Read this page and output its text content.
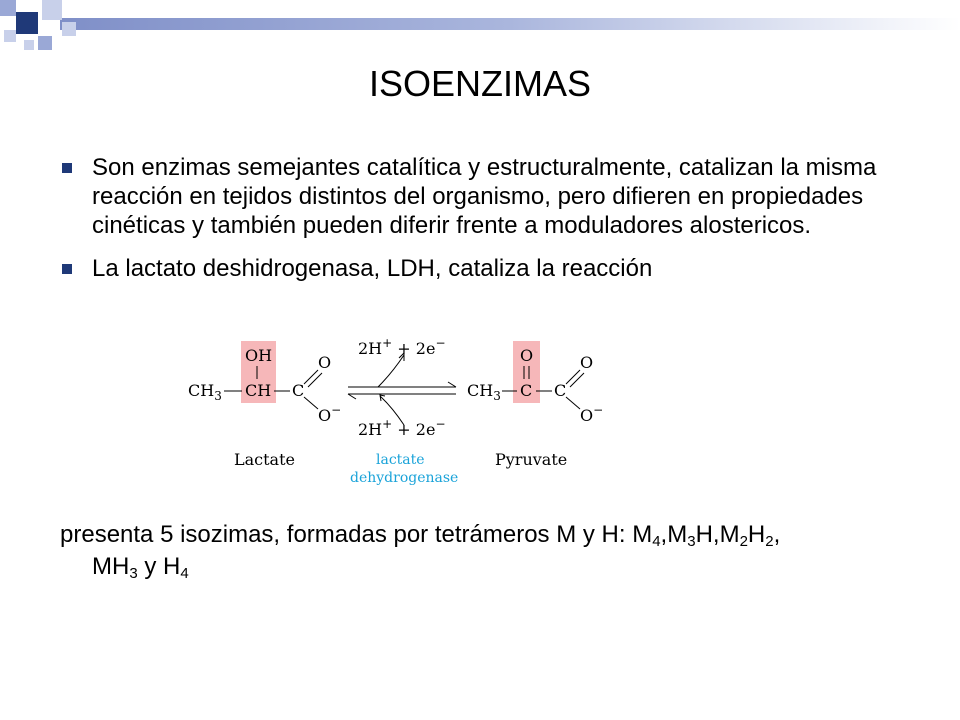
ISOENZIMAS
Son enzimas semejantes catalítica y estructuralmente, catalizan la misma reacción en tejidos distintos del organismo, pero difieren en propiedades cinéticas y también pueden diferir frente a moduladores alostericos.
La lactato deshidrogenasa, LDH, cataliza la reacción
$CH_3$
OH
CH C
O
O−
2H+ + 2e−
2H+ + 2e−
$CH_3$
O
C C
O
O−
Lactate	lactate
dehydrogenase
Pyruvate
presenta 5 isozimas, formadas por tetrámeros M y H: $M_4,M_3H,M_2H_2$,
$MH_3$ y $H_4$
